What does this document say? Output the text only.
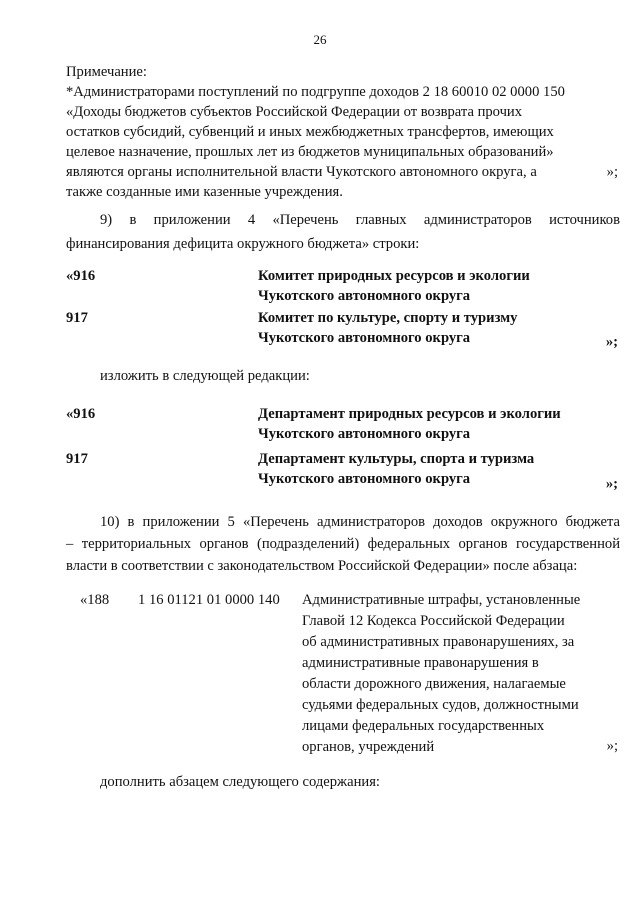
26
Примечание:
*Администраторами поступлений по подгруппе доходов 2 18 60010 02 0000 150
«Доходы бюджетов субъектов Российской Федерации от возврата прочих
остатков субсидий, субвенций и иных межбюджетных трансфертов, имеющих
целевое назначение, прошлых лет из бюджетов муниципальных образований»
являются органы исполнительной власти Чукотского автономного округа, а
также созданные ими казенные учреждения.
»;
9) в приложении 4 «Перечень главных администраторов источников
финансирования дефицита окружного бюджета» строки:
«916	Комитет природных ресурсов и экологии
Чукотского автономного округа
917	Комитет по культуре, спорту и туризму
Чукотского автономного округа	»;
изложить в следующей редакции:
«916	Департамент природных ресурсов и экологии
Чукотского автономного округа
917	Департамент культуры, спорта и туризма
Чукотского автономного округа	»;
10) в приложении 5 «Перечень администраторов доходов окружного бюджета
– территориальных органов (подразделений) федеральных органов государственной
власти в соответствии с законодательством Российской Федерации» после абзаца:
«188 1 16 01121 01 0000 140 Административные штрафы, установленные
Главой 12 Кодекса Российской Федерации
об административных правонарушениях, за
административные правонарушения в
области дорожного движения, налагаемые
судьями федеральных судов, должностными
лицами федеральных государственных
органов, учреждений	»;
дополнить абзацем следующего содержания:
